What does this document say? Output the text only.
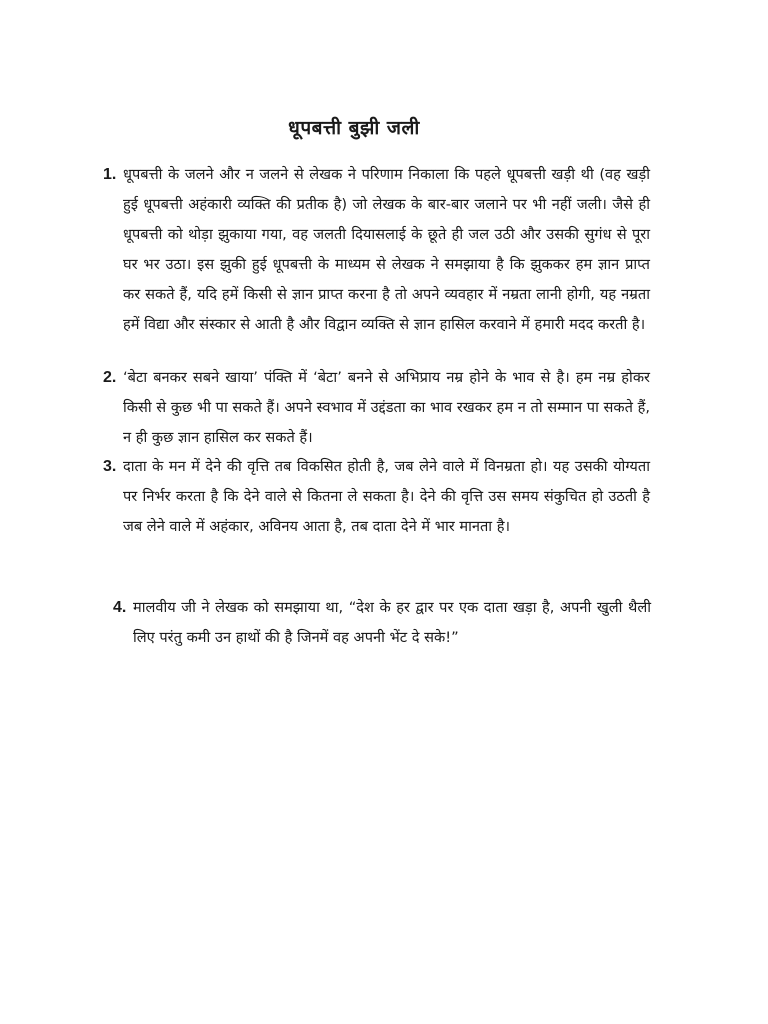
धूपबत्ती बुझी जली
1. धूपबत्ती के जलने और न जलने से लेखक ने परिणाम निकाला कि पहले धूपबत्ती खड़ी थी (वह खड़ी हुई धूपबत्ती अहंकारी व्यक्ति की प्रतीक है) जो लेखक के बार-बार जलाने पर भी नहीं जली। जैसे ही धूपबत्ती को थोड़ा झुकाया गया, वह जलती दियासलाई के छूते ही जल उठी और उसकी सुगंध से पूरा घर भर उठा। इस झुकी हुई धूपबत्ती के माध्यम से लेखक ने समझाया है कि झुककर हम ज्ञान प्राप्त कर सकते हैं, यदि हमें किसी से ज्ञान प्राप्त करना है तो अपने व्यवहार में नम्रता लानी होगी, यह नम्रता हमें विद्या और संस्कार से आती है और विद्वान व्यक्ति से ज्ञान हासिल करवाने में हमारी मदद करती है।
2. ‘बेटा बनकर सबने खाया’ पंक्ति में ‘बेटा’ बनने से अभिप्राय नम्र होने के भाव से है। हम नम्र होकर किसी से कुछ भी पा सकते हैं। अपने स्वभाव में उद्दंडता का भाव रखकर हम न तो सम्मान पा सकते हैं, न ही कुछ ज्ञान हासिल कर सकते हैं।
3. दाता के मन में देने की वृत्ति तब विकसित होती है, जब लेने वाले में विनम्रता हो। यह उसकी योग्यता पर निर्भर करता है कि देने वाले से कितना ले सकता है। देने की वृत्ति उस समय संकुचित हो उठती है जब लेने वाले में अहंकार, अविनय आता है, तब दाता देने में भार मानता है।
4. मालवीय जी ने लेखक को समझाया था, “देश के हर द्वार पर एक दाता खड़ा है, अपनी खुली थैली लिए परंतु कमी उन हाथों की है जिनमें वह अपनी भेंट दे सके!”
